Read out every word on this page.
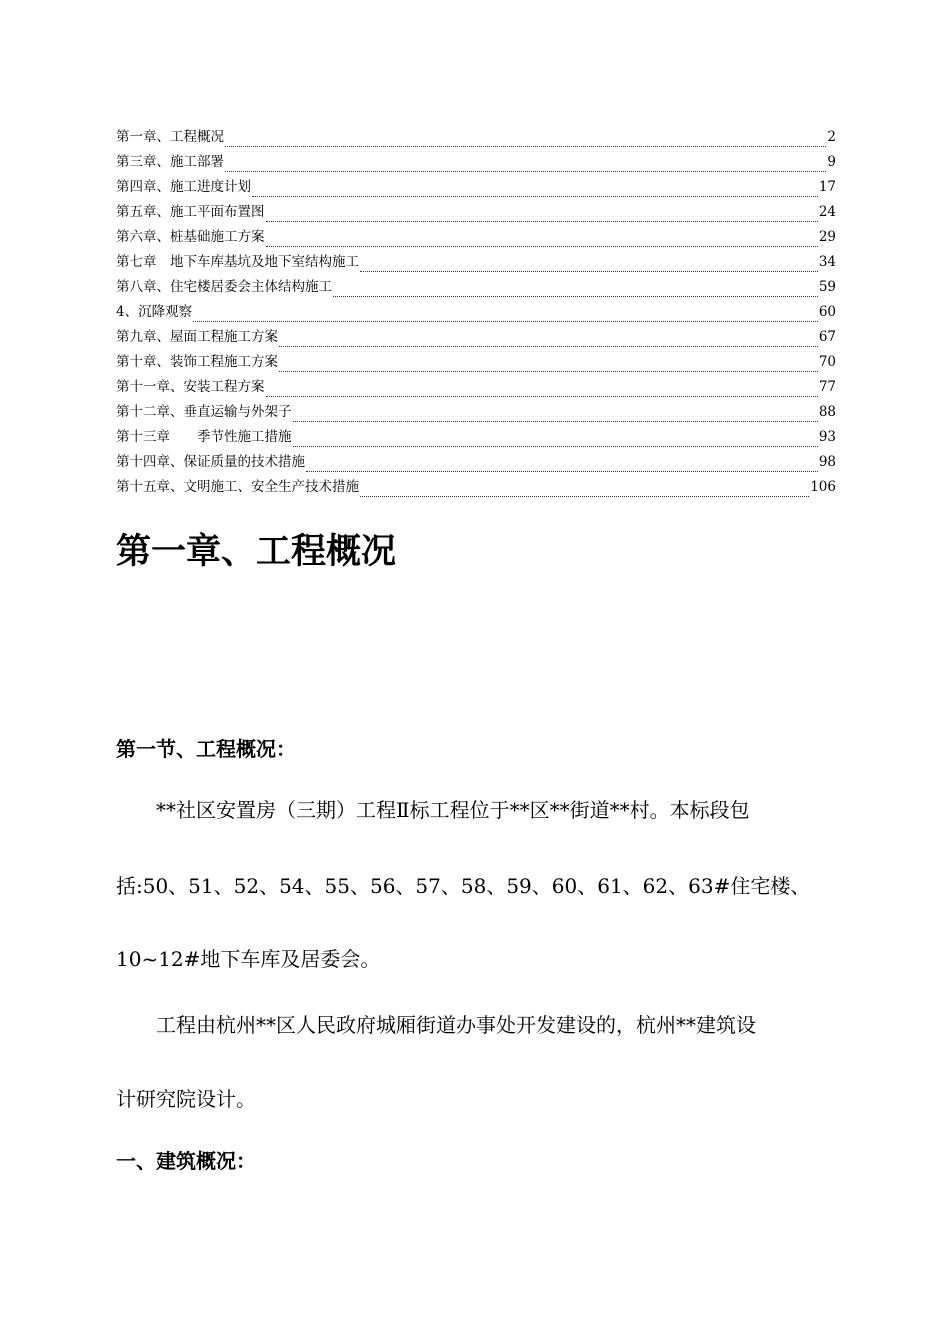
第一章、工程概况	2
第三章、施工部署	9
第四章、施工进度计划	17
第五章、施工平面布置图	24
第六章、桩基础施工方案	29
第七章　地下车库基坑及地下室结构施工	34
第八章、住宅楼居委会主体结构施工	59
4、沉降观察	60
第九章、屋面工程施工方案	67
第十章、装饰工程施工方案	70
第十一章、安装工程方案	77
第十二章、垂直运输与外架子	88
第十三章　　季节性施工措施	93
第十四章、保证质量的技术措施	98
第十五章、文明施工、安全生产技术措施	106
第一章、工程概况
第一节、工程概况：

　　**社区安置房（三期）工程Ⅱ标工程位于**区**街道**村。本标段包

括:50、51、52、54、55、56、57、58、59、60、61、62、63#住宅楼、

10~12#地下车库及居委会。

　　工程由杭州**区人民政府城厢街道办事处开发建设的，杭州**建筑设

计研究院设计。

一、建筑概况：
